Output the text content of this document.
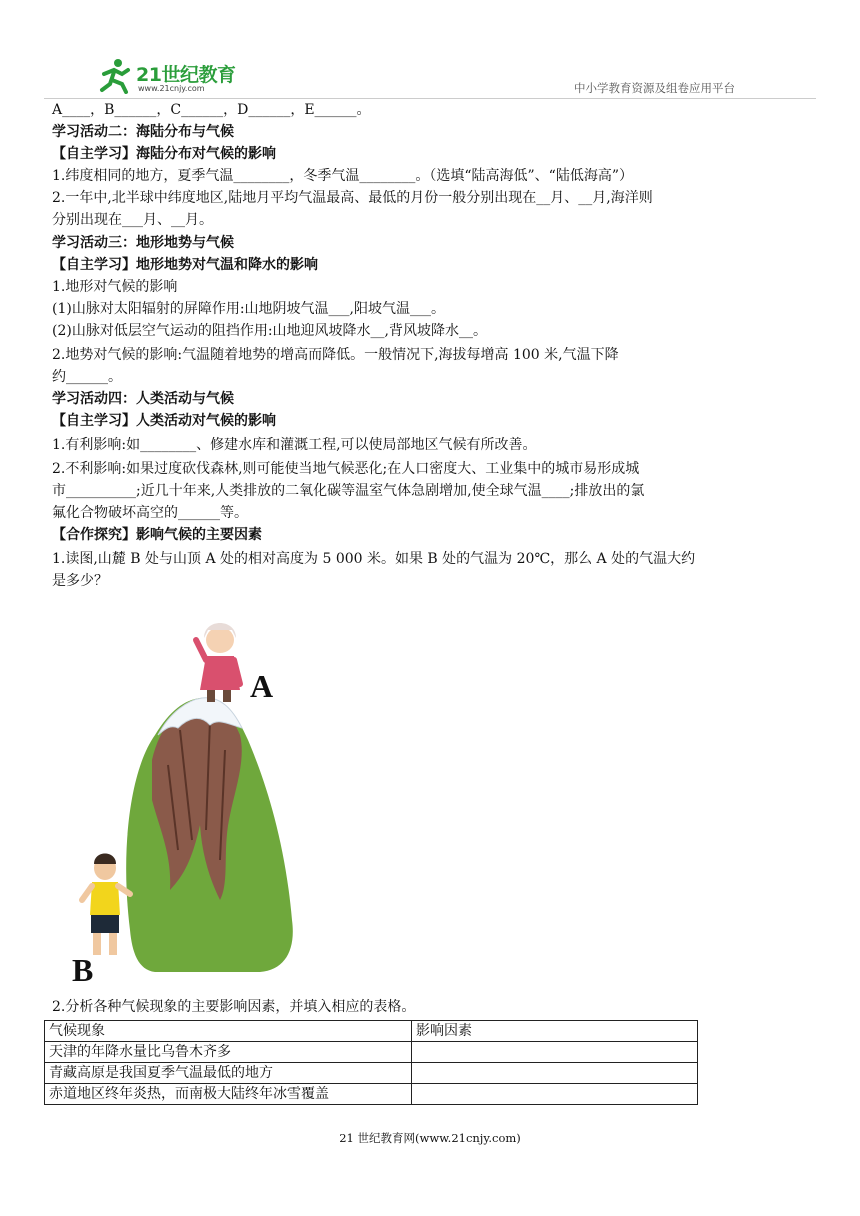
21世纪教育
www.21cnjy.com	中小学教育资源及组卷应用平台
A____，B______，C______，D______，E______。
学习活动二：海陆分布与气候
【自主学习】海陆分布对气候的影响
1.纬度相同的地方，夏季气温________，冬季气温________。（选填“陆高海低”、“陆低海高”）
2.一年中,北半球中纬度地区,陆地月平均气温最高、最低的月份一般分别出现在__月、__月,海洋则
分别出现在___月、__月。
学习活动三：地形地势与气候
【自主学习】地形地势对气温和降水的影响
1.地形对气候的影响
(1)山脉对太阳辐射的屏障作用:山地阴坡气温___,阳坡气温___。
(2)山脉对低层空气运动的阻挡作用:山地迎风坡降水__,背风坡降水__。
2.地势对气候的影响:气温随着地势的增高而降低。一般情况下,海拔每增高 100 米,气温下降
约______。
学习活动四：人类活动与气候
【自主学习】人类活动对气候的影响
1.有利影响:如________、修建水库和灌溉工程,可以使局部地区气候有所改善。
2.不利影响:如果过度砍伐森林,则可能使当地气候恶化;在人口密度大、工业集中的城市易形成城
市__________;近几十年来,人类排放的二氧化碳等温室气体急剧增加,使全球气温____;排放出的氯
氟化合物破坏高空的______等。
【合作探究】影响气候的主要因素
1.读图,山麓 B 处与山顶 A 处的相对高度为 5 000 米。如果 B 处的气温为 20℃，那么 A 处的气温大约
是多少？
A
B
2.分析各种气候现象的主要影响因素，并填入相应的表格。
气候现象	影响因素
天津的年降水量比乌鲁木齐多	
青藏高原是我国夏季气温最低的地方	
赤道地区终年炎热，而南极大陆终年冰雪覆盖	
21 世纪教育网(www.21cnjy.com)
